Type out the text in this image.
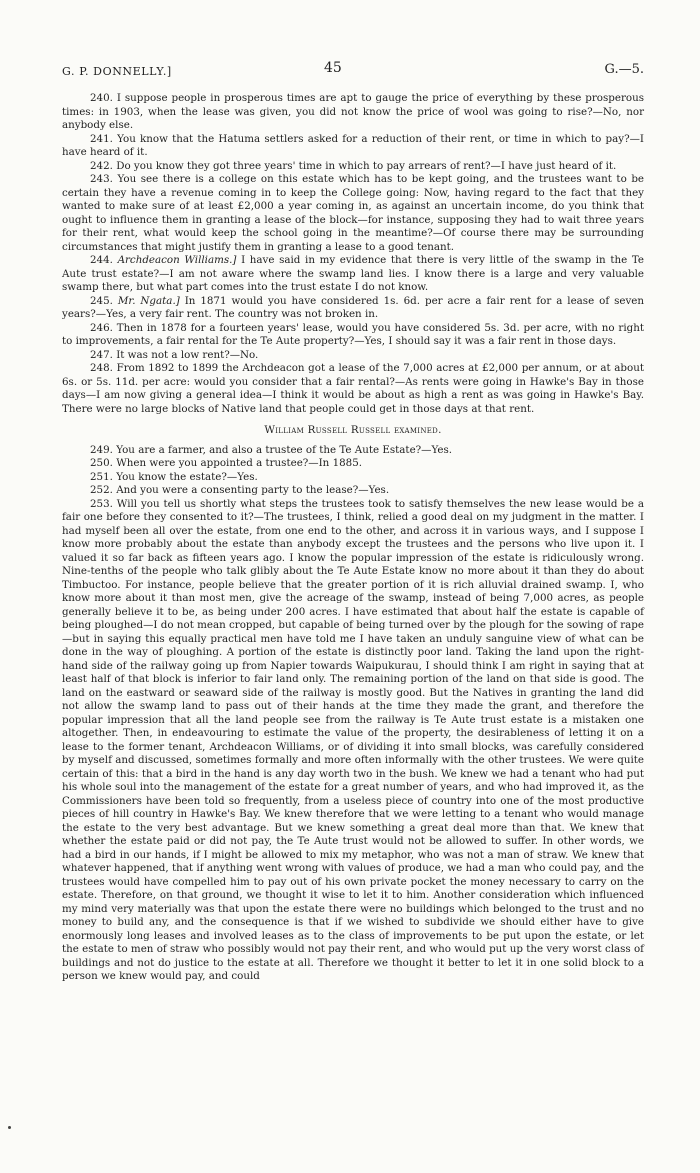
G. P. DONNELLY.]	45	G.—5.

240. I suppose people in prosperous times are apt to gauge the price of everything by these prosperous times: in 1903, when the lease was given, you did not know the price of wool was going to rise?—No, nor anybody else.

241. You know that the Hatuma settlers asked for a reduction of their rent, or time in which to pay?—I have heard of it.

242. Do you know they got three years' time in which to pay arrears of rent?—I have just heard of it.

243. You see there is a college on this estate which has to be kept going, and the trustees want to be certain they have a revenue coming in to keep the College going: Now, having regard to the fact that they wanted to make sure of at least £2,000 a year coming in, as against an uncertain income, do you think that ought to influence them in granting a lease of the block—for instance, supposing they had to wait three years for their rent, what would keep the school going in the meantime?—Of course there may be surrounding circumstances that might justify them in granting a lease to a good tenant.

244. Archdeacon Williams.] I have said in my evidence that there is very little of the swamp in the Te Aute trust estate?—I am not aware where the swamp land lies. I know there is a large and very valuable swamp there, but what part comes into the trust estate I do not know.

245. Mr. Ngata.] In 1871 would you have considered 1s. 6d. per acre a fair rent for a lease of seven years?—Yes, a very fair rent. The country was not broken in.

246. Then in 1878 for a fourteen years' lease, would you have considered 5s. 3d. per acre, with no right to improvements, a fair rental for the Te Aute property?—Yes, I should say it was a fair rent in those days.

247. It was not a low rent?—No.

248. From 1892 to 1899 the Archdeacon got a lease of the 7,000 acres at £2,000 per annum, or at about 6s. or 5s. 11d. per acre: would you consider that a fair rental?—As rents were going in Hawke's Bay in those days—I am now giving a general idea—I think it would be about as high a rent as was going in Hawke's Bay. There were no large blocks of Native land that people could get in those days at that rent.

William Russell Russell examined.

249. You are a farmer, and also a trustee of the Te Aute Estate?—Yes.

250. When were you appointed a trustee?—In 1885.

251. You know the estate?—Yes.

252. And you were a consenting party to the lease?—Yes.

253. Will you tell us shortly what steps the trustees took to satisfy themselves the new lease would be a fair one before they consented to it?—The trustees, I think, relied a good deal on my judgment in the matter. I had myself been all over the estate, from one end to the other, and across it in various ways, and I suppose I know more probably about the estate than anybody except the trustees and the persons who live upon it. I valued it so far back as fifteen years ago. I know the popular impression of the estate is ridiculously wrong. Nine-tenths of the people who talk glibly about the Te Aute Estate know no more about it than they do about Timbuctoo. For instance, people believe that the greater portion of it is rich alluvial drained swamp. I, who know more about it than most men, give the acreage of the swamp, instead of being 7,000 acres, as people generally believe it to be, as being under 200 acres. I have estimated that about half the estate is capable of being ploughed—I do not mean cropped, but capable of being turned over by the plough for the sowing of rape—but in saying this equally practical men have told me I have taken an unduly sanguine view of what can be done in the way of ploughing. A portion of the estate is distinctly poor land. Taking the land upon the right-hand side of the railway going up from Napier towards Waipukurau, I should think I am right in saying that at least half of that block is inferior to fair land only. The remaining portion of the land on that side is good. The land on the eastward or seaward side of the railway is mostly good. But the Natives in granting the land did not allow the swamp land to pass out of their hands at the time they made the grant, and therefore the popular impression that all the land people see from the railway is Te Aute trust estate is a mistaken one altogether. Then, in endeavouring to estimate the value of the property, the desirableness of letting it on a lease to the former tenant, Archdeacon Williams, or of dividing it into small blocks, was carefully considered by myself and discussed, sometimes formally and more often informally with the other trustees. We were quite certain of this: that a bird in the hand is any day worth two in the bush. We knew we had a tenant who had put his whole soul into the management of the estate for a great number of years, and who had improved it, as the Commissioners have been told so frequently, from a useless piece of country into one of the most productive pieces of hill country in Hawke's Bay. We knew therefore that we were letting to a tenant who would manage the estate to the very best advantage. But we knew something a great deal more than that. We knew that whether the estate paid or did not pay, the Te Aute trust would not be allowed to suffer. In other words, we had a bird in our hands, if I might be allowed to mix my metaphor, who was not a man of straw. We knew that whatever happened, that if anything went wrong with values of produce, we had a man who could pay, and the trustees would have compelled him to pay out of his own private pocket the money necessary to carry on the estate. Therefore, on that ground, we thought it wise to let it to him. Another consideration which influenced my mind very materially was that upon the estate there were no buildings which belonged to the trust and no money to build any, and the consequence is that if we wished to subdivide we should either have to give enormously long leases and involved leases as to the class of improvements to be put upon the estate, or let the estate to men of straw who possibly would not pay their rent, and who would put up the very worst class of buildings and not do justice to the estate at all. Therefore we thought it better to let it in one solid block to a person we knew would pay, and could
